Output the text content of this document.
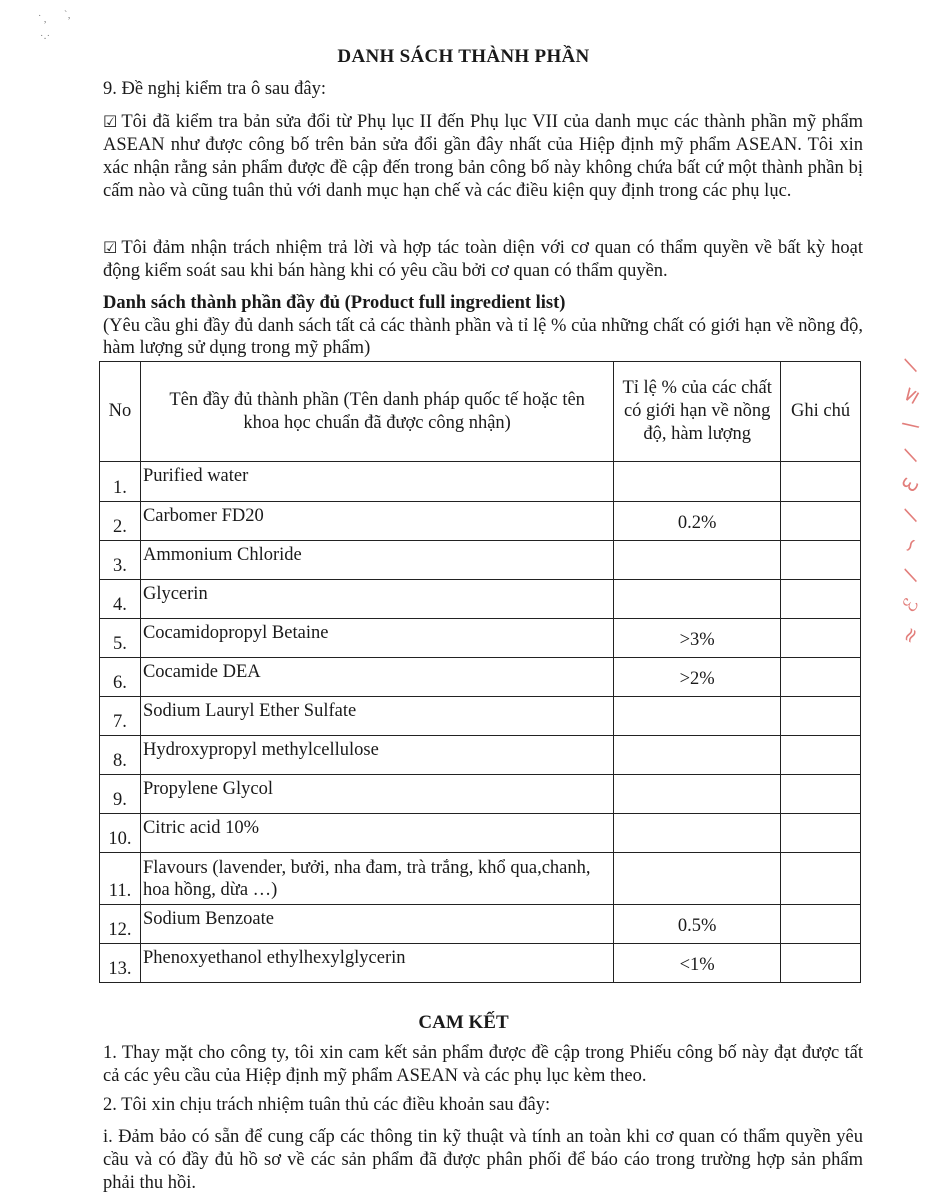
˙ , `‚
˙·˙
/
≤
\
∕
ℇ
∕
∽
/
ℰ
≈
DANH SÁCH THÀNH PHẦN
9. Đề nghị kiểm tra ô sau đây:
☑ Tôi đã kiểm tra bản sửa đổi từ Phụ lục II đến Phụ lục VII của danh mục các thành phần mỹ phẩm ASEAN như được công bố trên bản sửa đổi gần đây nhất của Hiệp định mỹ phẩm ASEAN. Tôi xin xác nhận rằng sản phẩm được đề cập đến trong bản công bố này không chứa bất cứ một thành phần bị cấm nào và cũng tuân thủ với danh mục hạn chế và các điều kiện quy định trong các phụ lục.
☑ Tôi đảm nhận trách nhiệm trả lời và hợp tác toàn diện với cơ quan có thẩm quyền về bất kỳ hoạt động kiểm soát sau khi bán hàng khi có yêu cầu bởi cơ quan có thẩm quyền.
Danh sách thành phần đầy đủ (Product full ingredient list)
(Yêu cầu ghi đầy đủ danh sách tất cả các thành phần và tỉ lệ % của những chất có giới hạn về nồng độ, hàm lượng sử dụng trong mỹ phẩm)
No	Tên đầy đủ thành phần (Tên danh pháp quốc tế hoặc tên khoa học chuẩn đã được công nhận)	Tỉ lệ % của các chất có giới hạn về nồng độ, hàm lượng	Ghi chú
1.	Purified water		
2.	Carbomer FD20	0.2%	
3.	Ammonium Chloride		
4.	Glycerin		
5.	Cocamidopropyl Betaine	>3%	
6.	Cocamide DEA	>2%	
7.	Sodium Lauryl Ether Sulfate		
8.	Hydroxypropyl methylcellulose		
9.	Propylene Glycol		
10.	Citric acid 10%		
11.	Flavours (lavender, bưởi, nha đam, trà trắng, khổ qua,chanh, hoa hồng, dừa …)		
12.	Sodium Benzoate	0.5%	
13.	Phenoxyethanol ethylhexylglycerin	<1%	
CAM KẾT
1. Thay mặt cho công ty, tôi xin cam kết sản phẩm được đề cập trong Phiếu công bố này đạt được tất cả các yêu cầu của Hiệp định mỹ phẩm ASEAN và các phụ lục kèm theo.
2. Tôi xin chịu trách nhiệm tuân thủ các điều khoản sau đây:
i. Đảm bảo có sẵn để cung cấp các thông tin kỹ thuật và tính an toàn khi cơ quan có thẩm quyền yêu cầu và có đầy đủ hồ sơ về các sản phẩm đã được phân phối để báo cáo trong trường hợp sản phẩm phải thu hồi.
